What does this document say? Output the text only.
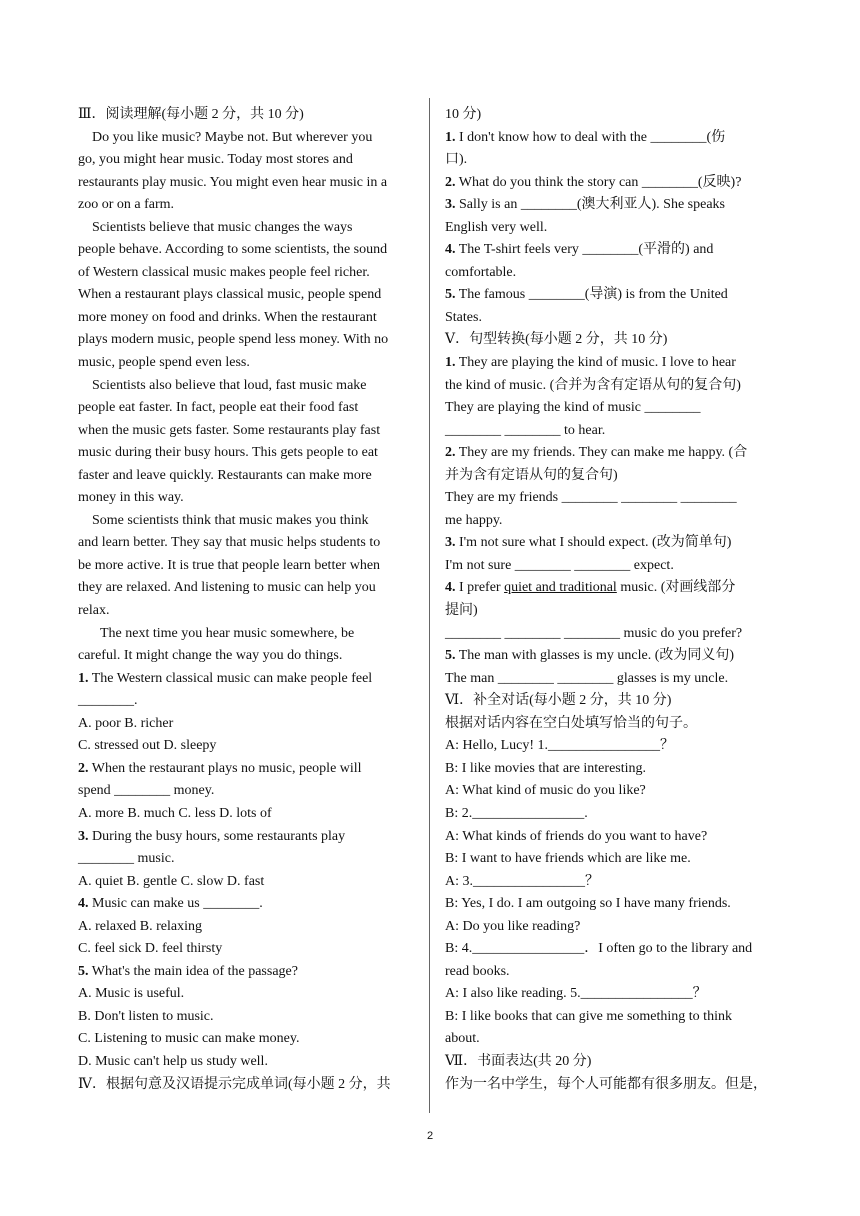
Ⅲ．阅读理解(每小题 2 分，共 10 分)
Do you like music? Maybe not. But wherever you
go, you might hear music. Today most stores and
restaurants play music. You might even hear music in a
zoo or on a farm.
Scientists believe that music changes the ways
people behave. According to some scientists, the sound
of Western classical music makes people feel richer.
When a restaurant plays classical music, people spend
more money on food and drinks. When the restaurant
plays modern music, people spend less money. With no
music, people spend even less.
Scientists also believe that loud, fast music make
people eat faster. In fact, people eat their food fast
when the music gets faster. Some restaurants play fast
music during their busy hours. This gets people to eat
faster and leave quickly. Restaurants can make more
money in this way.
Some scientists think that music makes you think
and learn better. They say that music helps students to
be more active. It is true that people learn better when
they are relaxed. And listening to music can help you
relax.
The next time you hear music somewhere, be
careful. It might change the way you do things.
1. The Western classical music can make people feel
________.
A. poor B. richer
C. stressed out D. sleepy
2. When the restaurant plays no music, people will
spend ________ money.
A. more B. much C. less D. lots of
3. During the busy hours, some restaurants play
________ music.
A. quiet B. gentle C. slow D. fast
4. Music can make us ________.
A. relaxed B. relaxing
C. feel sick D. feel thirsty
5. What's the main idea of the passage?
A. Music is useful.
B. Don't listen to music.
C. Listening to music can make money.
D. Music can't help us study well.
Ⅳ．根据句意及汉语提示完成单词(每小题 2 分，共
10 分)
1. I don't know how to deal with the ________(伤
口).
2. What do you think the story can ________(反映)?
3. Sally is an ________(澳大利亚人). She speaks
English very well.
4. The T-shirt feels very ________(平滑的) and
comfortable.
5. The famous ________(导演) is from the United
States.
Ⅴ．句型转换(每小题 2 分，共 10 分)
1. They are playing the kind of music. I love to hear
the kind of music. (合并为含有定语从句的复合句)
They are playing the kind of music ________
________ ________ to hear.
2. They are my friends. They can make me happy. (合
并为含有定语从句的复合句)
They are my friends ________ ________ ________
me happy.
3. I'm not sure what I should expect. (改为简单句)
I'm not sure ________ ________ expect.
4. I prefer quiet and traditional music. (对画线部分
提问)
________ ________ ________ music do you prefer?
5. The man with glasses is my uncle. (改为同义句)
The man ________ ________ glasses is my uncle.
Ⅵ．补全对话(每小题 2 分，共 10 分)
根据对话内容在空白处填写恰当的句子。
A: Hello, Lucy! 1.________________？
B: I like movies that are interesting.
A: What kind of music do you like?
B: 2.________________.
A: What kinds of friends do you want to have?
B: I want to have friends which are like me.
A: 3.________________？
B: Yes, I do. I am outgoing so I have many friends.
A: Do you like reading?
B: 4.________________．I often go to the library and
read books.
A: I also like reading. 5.________________？
B: I like books that can give me something to think
about.
Ⅶ．书面表达(共 20 分)
作为一名中学生，每个人可能都有很多朋友。但是，
2
